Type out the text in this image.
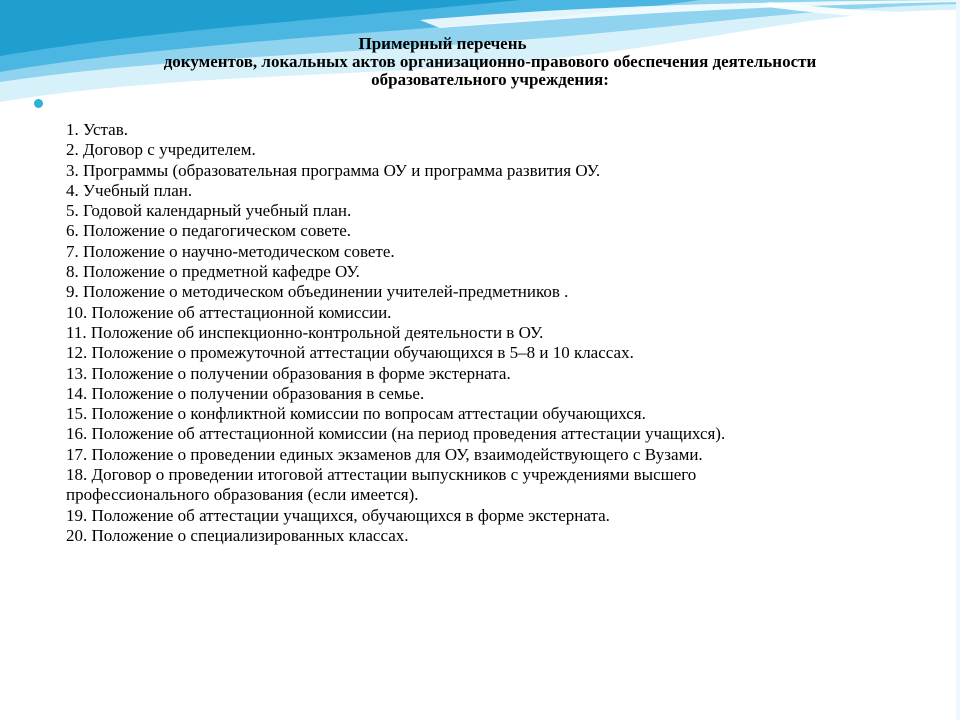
Примерный перечень
документов, локальных актов организационно-правового обеспечения деятельности
образовательного учреждения:
1. Устав.
2. Договор с учредителем.
3. Программы (образовательная программа ОУ и программа развития ОУ.
4. Учебный план.
5. Годовой календарный учебный план.
6. Положение о педагогическом совете.
7. Положение о научно-методическом совете.
8. Положение о предметной кафедре ОУ.
9. Положение о методическом объединении учителей-предметников .
10. Положение об аттестационной комиссии.
11. Положение об инспекционно-контрольной деятельности в ОУ.
12. Положение о промежуточной аттестации обучающихся в 5–8 и 10 классах.
13. Положение о получении образования в форме экстерната.
14. Положение о получении образования в семье.
15. Положение о конфликтной комиссии по вопросам аттестации обучающихся.
16. Положение об аттестационной комиссии (на период проведения аттестации учащихся).
17. Положение о проведении единых экзаменов для ОУ, взаимодействующего с Вузами.
18. Договор о проведении итоговой аттестации выпускников с учреждениями высшего
профессионального образования (если имеется).
19. Положение об аттестации учащихся, обучающихся в форме экстерната.
20. Положение о специализированных классах.
